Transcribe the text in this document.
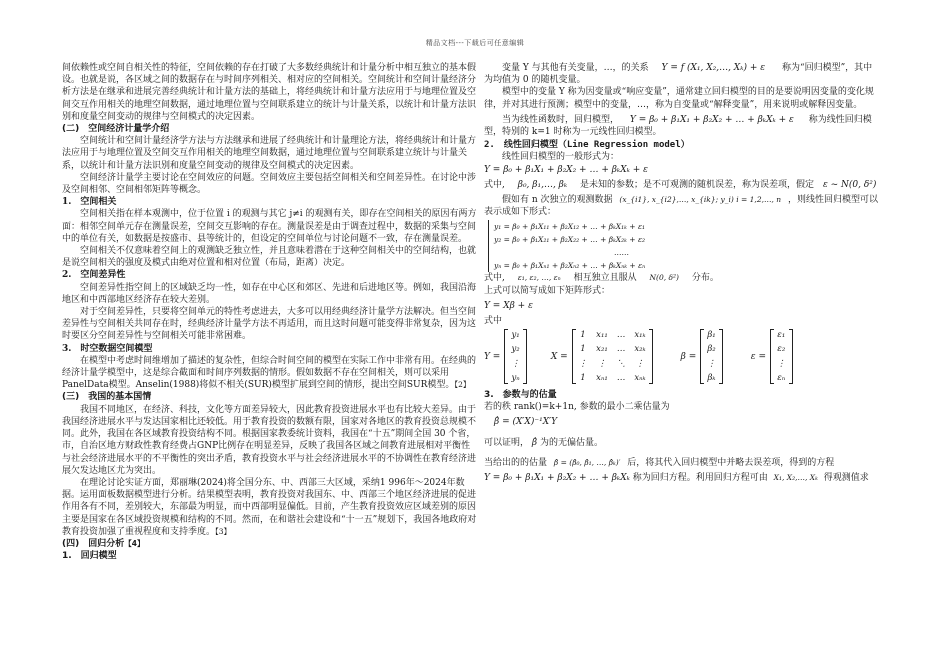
精品文档---下载后可任意编辑

间依赖性或空间自相关性的特征，空间依赖的存在打破了大多数经典统计和计量分析中相互独立的基本假设。也就是说，各区域之间的数据存在与时间序列相关、相对应的空间相关。空间统计和空间计量经济分析方法是在继承和进展完善经典统计和计量方法的基础上，将经典统计和计量方法应用于与地理位置及空间交互作用相关的地理空间数据，通过地理位置与空间联系建立的统计与计量关系，以统计和计量方法识别和度量空间变动的规律与空间模式的决定因素。

(二)　空间经济计量学介绍

空间统计和空间计量经济学方法与方法继承和进展了经典统计和计量理论方法，将经典统计和计量方法应用于与地理位置及空间交互作用相关的地理空间数据，通过地理位置与空间联系建立统计与计量关系，以统计和计量方法识别和度量空间变动的规律及空间模式的决定因素。

空间经济计量学主要讨论在空间效应的问题。空间效应主要包括空间相关和空间差异性。在讨论中涉及空间相邻、空间相邻矩阵等概念。

1.　空间相关

空间相关指在样本观测中，位于位置 i 的观测与其它 j≠i 的观测有关，即存在空间相关的原因有两方面：相邻空间单元存在测量误差，空间交互影响的存在。测量误差是由于调查过程中，数据的采集与空间中的单位有关，如数据是按盛市、县等统计的，但设定的空间单位与讨论问题不一致，存在测量误差。

空间相关不仅意味着空间上的观测缺乏独立性，并且意味着潜在于这种空间相关中的空间结构，也就是说空间相关的强度及模式由绝对位置和相对位置（布局，距离）决定。

2.　空间差异性

空间差异性指空间上的区域缺乏均一性，如存在中心区和郊区、先进和后进地区等。例如，我国沿海地区和中西部地区经济存在较大差别。

对于空间差异性，只要将空间单元的特性考虑进去，大多可以用经典经济计量学方法解决。但当空间差异性与空间相关共同存在时，经典经济计量学方法不再适用，而且这时问题可能变得非常复杂，因为这时要区分空间差异性与空间相关可能非常困难。

3.　时空数据空间模型

在模型中考虑时间维增加了描述的复杂性，但综合时间空间的模型在实际工作中非常有用。在经典的经济计量学模型中，这是综合截面和时间序列数据的情形。假如数据不存在空间相关，则可以采用PanelData模型。Anselin(1988)将似不相关(SUR)模型扩展到空间的情形，提出空间SUR模型。【2】

(三)　我国的基本国情

我国不同地区，在经济、科技，文化等方面差异较大，因此教育投资进展水平也有比较大差异。由于我国经济进展水平与发达国家相比还较低。用于教育投资的数额有限，国家对各地区的教育投资总规模不同。此外，我国在各区域教育投资结构不同。根据国家教委统计资料，我国在“十五”期间全国 30 个省，市，自治区地方财政性教育经费占GNP比例存在明显差异，反映了我国各区域之间教育进展相对平衡性与社会经济进展水平的不平衡性的突出矛盾，教育投资水平与社会经济进展水平的不协调性在教育经济进展欠发达地区尤为突出。

在理论讨论实证方面，郑丽琳(2024)将全国分东、中、西部三大区域，采纳1 996年～2024年数据。运用面板数据模型进行分析。结果模型表明，教育投资对我国东、中、西部三个地区经济进展的促进作用各有不同，差别较大，东部最为明显，而中西部明显偏低。目前，产生教育投资效应区域差别的原因主要是国家在各区域投资规模和结构的不同。然而，在和谐社会建设和“十一五”规划下，我国各地政府对教育投资加强了重视程度和支持季度。【3】

(四)　回归分析【4】

1.　回归模型

变量 Y 与其他有关变量，…，的关系 Y = f (X₁, X₂,…, Xₖ) + ε 称为“回归模型”，其中为均值为 0 的随机变量。

模型中的变量 Y 称为因变量或“响应变量”，通常建立回归模型的目的是要说明因变量的变化规律，并对其进行预测；模型中的变量，…，称为自变量或“解释变量”，用来说明或解释因变量。

当为线性函数时，回归模型， Y = β₀ + β₁X₁ + β₂X₂ + … + βₖXₖ + ε 称为线性回归模型，特别的 k=1 时称为一元线性回归模型。

2.　线性回归模型（Line Regression model）

线性回归模型的一般形式为：

Y = β₀ + β₁X₁ + β₂X₂ + … + βₖXₖ + ε

式中, β₀, β₁,…, βₖ 是未知的参数；是不可观测的随机误差，称为误差项，假定 ε ~ N(0, δ²)

假如有 n 次独立的观测数据 (x_{i1}, x_{i2},…, x_{ik}; y_i) i = 1,2,…, n ，则线性回归模型可以表示成如下形式：

y₁ = β₀ + β₁X₁₁ + β₂X₁₂ + … + βₖX₁ₖ + ε₁
y₂ = β₀ + β₁X₂₁ + β₂X₂₂ + … + βₖX₂ₖ + ε₂
……
yₙ = β₀ + β₁Xₙ₁ + β₂Xₙ₂ + … + βₖXₙₖ + εₙ

式中, ε₁, ε₂, …, εₙ 相互独立且服从 N(0, δ²) 分布。

上式可以简写成如下矩阵形式：

Y = Xβ + ε

式中

Y =
y₁
y₂
⋮
yₙ
X =
1 x₁₁ … x₁ₖ
1 x₂₁ … x₂ₖ
⋮ ⋮ ⋱ ⋮
1 xₙ₁ … xₙₖ
β =
β₁
β₂
⋮
βₖ
ε =
ε₁
ε₂
⋮
εₙ

3.　参数与的估量

若的秩 rank()=k+1n, 参数的最小二乘估量为

β̂ = (X′X)⁻¹X′Y

可以证明， β̂ 为的无偏估量。

当给出的的估量 β̂ = (β̂₀, β̂₁, …, β̂ₖ)′ 后，将其代入回归模型中并略去误差项，得到的方程

Y = β₀ + β₁X₁ + β₂X₂ + … + βₖXₖ 称为回归方程。利用回归方程可由 X₁, X₂,…, Xₖ 得观测值求
